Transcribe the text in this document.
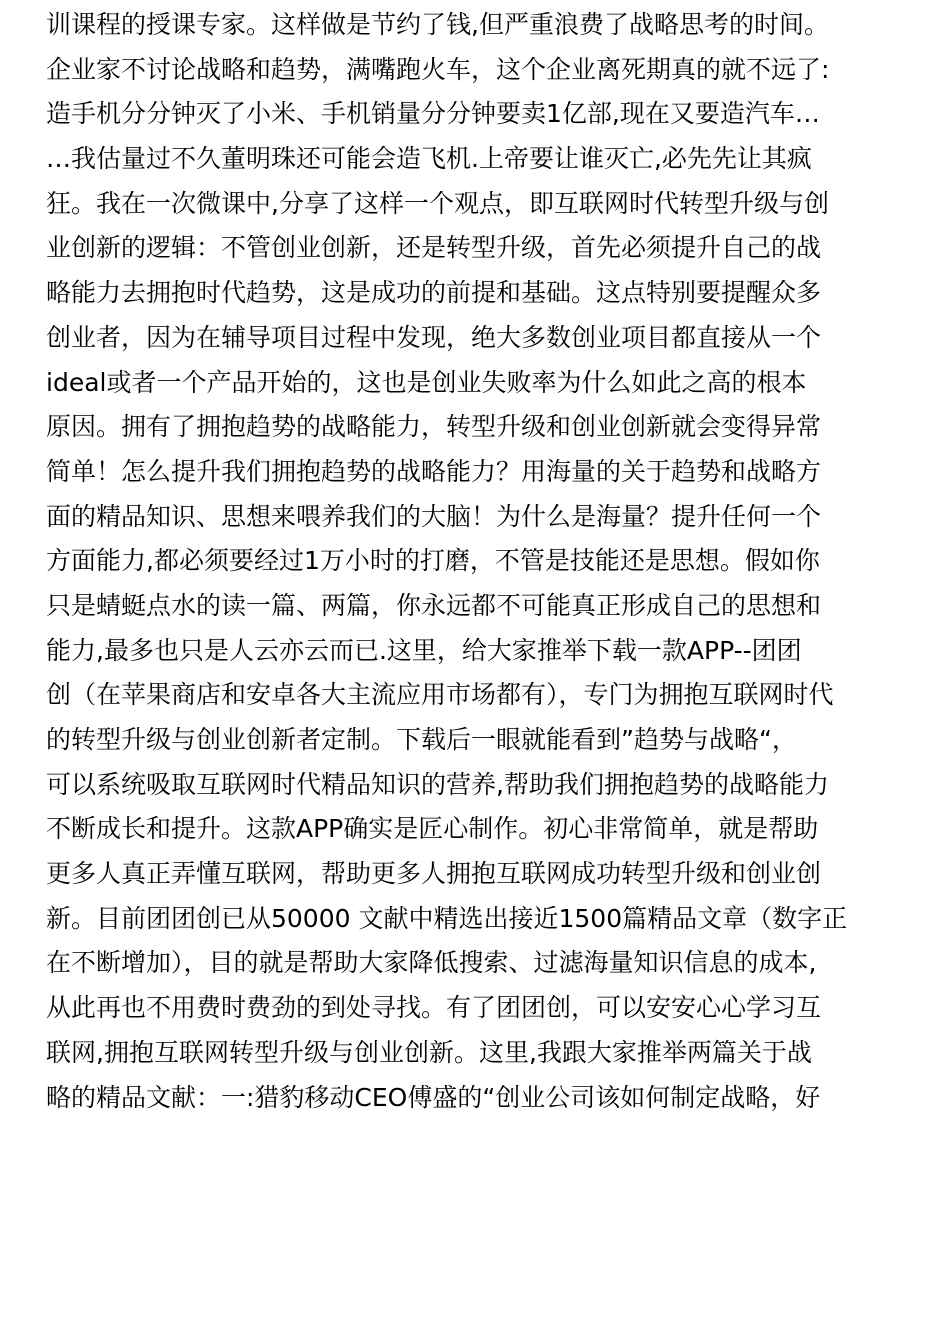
训课程的授课专家。这样做是节约了钱,但严重浪费了战略思考的时间。
企业家不讨论战略和趋势，满嘴跑火车，这个企业离死期真的就不远了:
造手机分分钟灭了小米、手机销量分分钟要卖1亿部,现在又要造汽车…
…我估量过不久董明珠还可能会造飞机.上帝要让谁灭亡,必先先让其疯
狂。我在一次微课中,分享了这样一个观点，即互联网时代转型升级与创
业创新的逻辑：不管创业创新，还是转型升级，首先必须提升自己的战
略能力去拥抱时代趋势，这是成功的前提和基础。这点特别要提醒众多
创业者，因为在辅导项目过程中发现，绝大多数创业项目都直接从一个
ideal或者一个产品开始的，这也是创业失败率为什么如此之高的根本
原因。拥有了拥抱趋势的战略能力，转型升级和创业创新就会变得异常
简单！怎么提升我们拥抱趋势的战略能力？用海量的关于趋势和战略方
面的精品知识、思想来喂养我们的大脑！为什么是海量？提升任何一个
方面能力,都必须要经过1万小时的打磨，不管是技能还是思想。假如你
只是蜻蜓点水的读一篇、两篇，你永远都不可能真正形成自己的思想和
能力,最多也只是人云亦云而已.这里，给大家推举下载一款APP--团团
创（在苹果商店和安卓各大主流应用市场都有），专门为拥抱互联网时代
的转型升级与创业创新者定制。下载后一眼就能看到”趋势与战略“，
可以系统吸取互联网时代精品知识的营养,帮助我们拥抱趋势的战略能力
不断成长和提升。这款APP确实是匠心制作。初心非常简单，就是帮助
更多人真正弄懂互联网，帮助更多人拥抱互联网成功转型升级和创业创
新。目前团团创已从50000 文献中精选出接近1500篇精品文章（数字正
在不断增加），目的就是帮助大家降低搜索、过滤海量知识信息的成本,
从此再也不用费时费劲的到处寻找。有了团团创，可以安安心心学习互
联网,拥抱互联网转型升级与创业创新。这里,我跟大家推举两篇关于战
略的精品文献：一:猎豹移动CEO傅盛的“创业公司该如何制定战略，好
